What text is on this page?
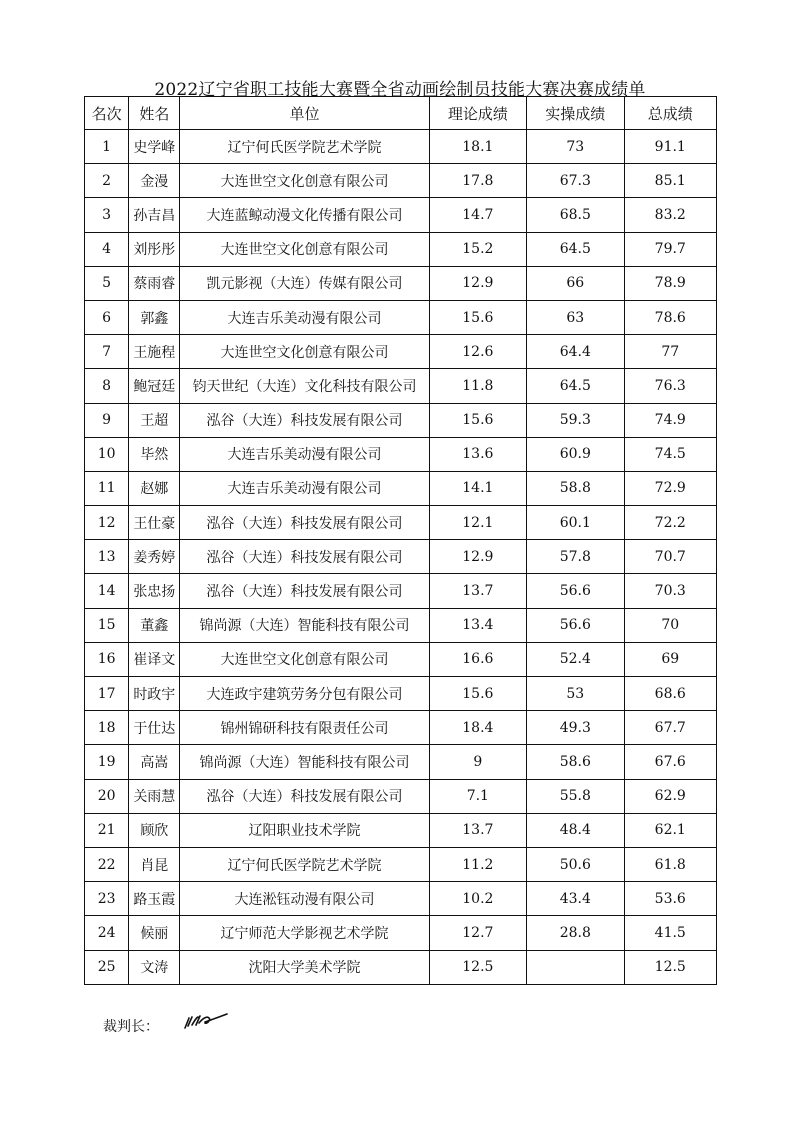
2022辽宁省职工技能大赛暨全省动画绘制员技能大赛决赛成绩单
名次	姓名	单位	理论成绩	实操成绩	总成绩
1	史学峰	辽宁何氏医学院艺术学院	18.1	73	91.1
2	金漫	大连世空文化创意有限公司	17.8	67.3	85.1
3	孙吉昌	大连蓝鲸动漫文化传播有限公司	14.7	68.5	83.2
4	刘彤彤	大连世空文化创意有限公司	15.2	64.5	79.7
5	蔡雨睿	凯元影视（大连）传媒有限公司	12.9	66	78.9
6	郭鑫	大连吉乐美动漫有限公司	15.6	63	78.6
7	王施程	大连世空文化创意有限公司	12.6	64.4	77
8	鲍冠廷	钧天世纪（大连）文化科技有限公司	11.8	64.5	76.3
9	王超	泓谷（大连）科技发展有限公司	15.6	59.3	74.9
10	毕然	大连吉乐美动漫有限公司	13.6	60.9	74.5
11	赵娜	大连吉乐美动漫有限公司	14.1	58.8	72.9
12	王仕豪	泓谷（大连）科技发展有限公司	12.1	60.1	72.2
13	姜秀婷	泓谷（大连）科技发展有限公司	12.9	57.8	70.7
14	张忠扬	泓谷（大连）科技发展有限公司	13.7	56.6	70.3
15	董鑫	锦尚源（大连）智能科技有限公司	13.4	56.6	70
16	崔译文	大连世空文化创意有限公司	16.6	52.4	69
17	时政宇	大连政宇建筑劳务分包有限公司	15.6	53	68.6
18	于仕达	锦州锦研科技有限责任公司	18.4	49.3	67.7
19	高嵩	锦尚源（大连）智能科技有限公司	9	58.6	67.6
20	关雨慧	泓谷（大连）科技发展有限公司	7.1	55.8	62.9
21	顾欣	辽阳职业技术学院	13.7	48.4	62.1
22	肖昆	辽宁何氏医学院艺术学院	11.2	50.6	61.8
23	路玉霞	大连淞钰动漫有限公司	10.2	43.4	53.6
24	候丽	辽宁师范大学影视艺术学院	12.7	28.8	41.5
25	文涛	沈阳大学美术学院	12.5		12.5
裁判长：
